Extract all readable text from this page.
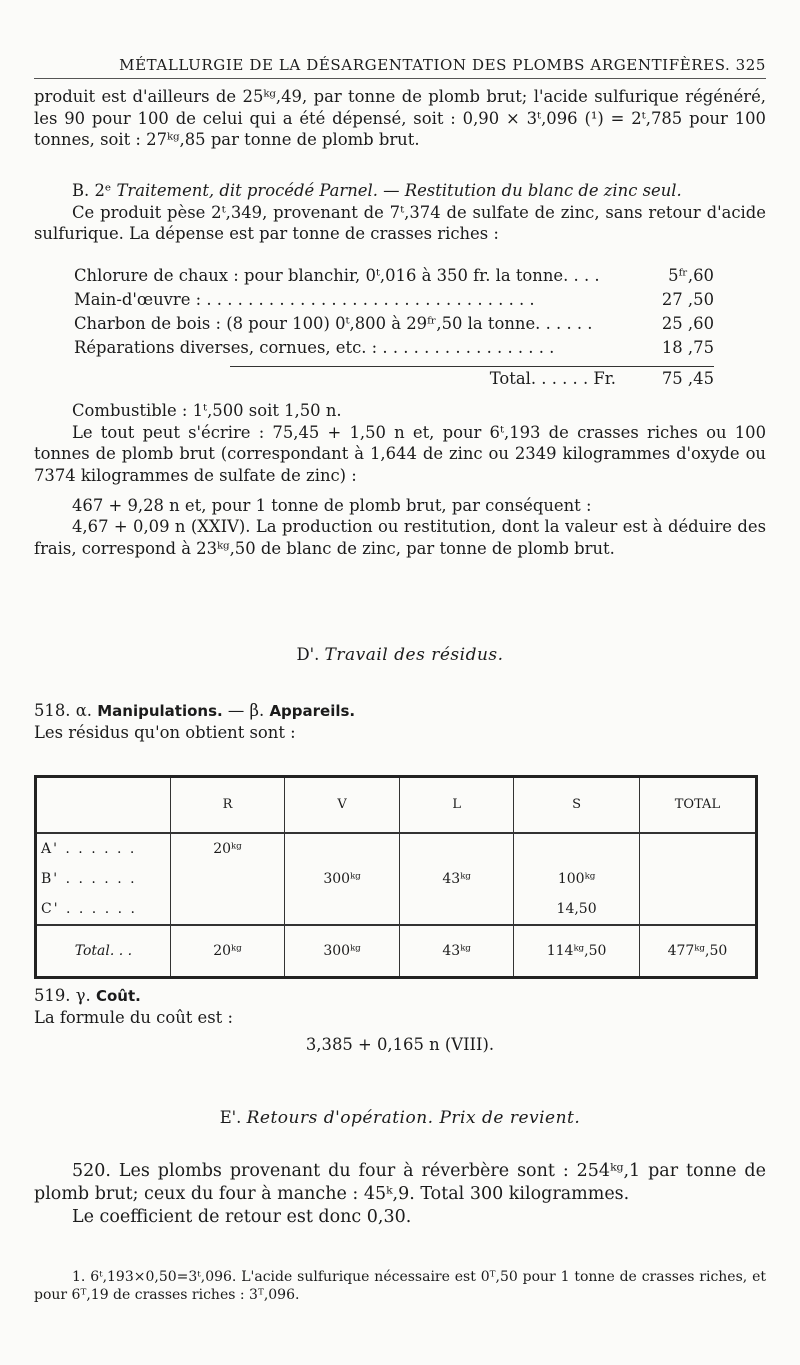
MÉTALLURGIE DE LA DÉSARGENTATION DES PLOMBS ARGENTIFÈRES. 325

produit est d'ailleurs de 25ᵏᵍ,49, par tonne de plomb brut; l'acide sulfurique régénéré, les 90 pour 100 de celui qui a été dépensé, soit : 0,90 × 3ᵗ,096 (¹) = 2ᵗ,785 pour 100 tonnes, soit : 27ᵏᵍ,85 par tonne de plomb brut.

B. 2ᵉ Traitement, dit procédé Parnel. — Restitution du blanc de zinc seul.

Ce produit pèse 2ᵗ,349, provenant de 7ᵗ,374 de sulfate de zinc, sans retour d'acide sulfurique. La dépense est par tonne de crasses riches :

Chlorure de chaux : pour blanchir, 0ᵗ,016 à 350 fr. la tonne. . . .	5ᶠʳ,60
Main-d'œuvre : . . . . . . . . . . . . . . . . . . . . . . . . . . . . . . . .	27 ,50
Charbon de bois : (8 pour 100) 0ᵗ,800 à 29ᶠʳ,50 la tonne. . . . . .	25 ,60
Réparations diverses, cornues, etc. : . . . . . . . . . . . . . . . . .	18 ,75
Total. . . . . . Fr.	75 ,45

Combustible : 1ᵗ,500 soit 1,50 n.

Le tout peut s'écrire : 75,45 + 1,50 n et, pour 6ᵗ,193 de crasses riches ou 100 tonnes de plomb brut (correspondant à 1,644 de zinc ou 2349 kilogrammes d'oxyde ou 7374 kilogrammes de sulfate de zinc) :

467 + 9,28 n et, pour 1 tonne de plomb brut, par conséquent :

4,67 + 0,09 n (XXIV). La production ou restitution, dont la valeur est à déduire des frais, correspond à 23ᵏᵍ,50 de blanc de zinc, par tonne de plomb brut.

D'. Travail des résidus.

518. α. Manipulations. — β. Appareils.

Les résidus qu'on obtient sont :

	R	V	L	S	TOTAL
A' . . . . . .	20ᵏᵍ				
B' . . . . . .		300ᵏᵍ	43ᵏᵍ	100ᵏᵍ	
C' . . . . . .				14,50	
Total. . .	20ᵏᵍ	300ᵏᵍ	43ᵏᵍ	114ᵏᵍ,50	477ᵏᵍ,50

519. γ. Coût.

La formule du coût est :

3,385 + 0,165 n (VIII).

E'. Retours d'opération. Prix de revient.

520. Les plombs provenant du four à réverbère sont : 254ᵏᵍ,1 par tonne de plomb brut; ceux du four à manche : 45ᵏ,9. Total 300 kilogrammes.

Le coefficient de retour est donc 0,30.

1. 6ᵗ,193×0,50=3ᵗ,096. L'acide sulfurique nécessaire est 0ᵀ,50 pour 1 tonne de crasses riches, et pour 6ᵀ,19 de crasses riches : 3ᵀ,096.
